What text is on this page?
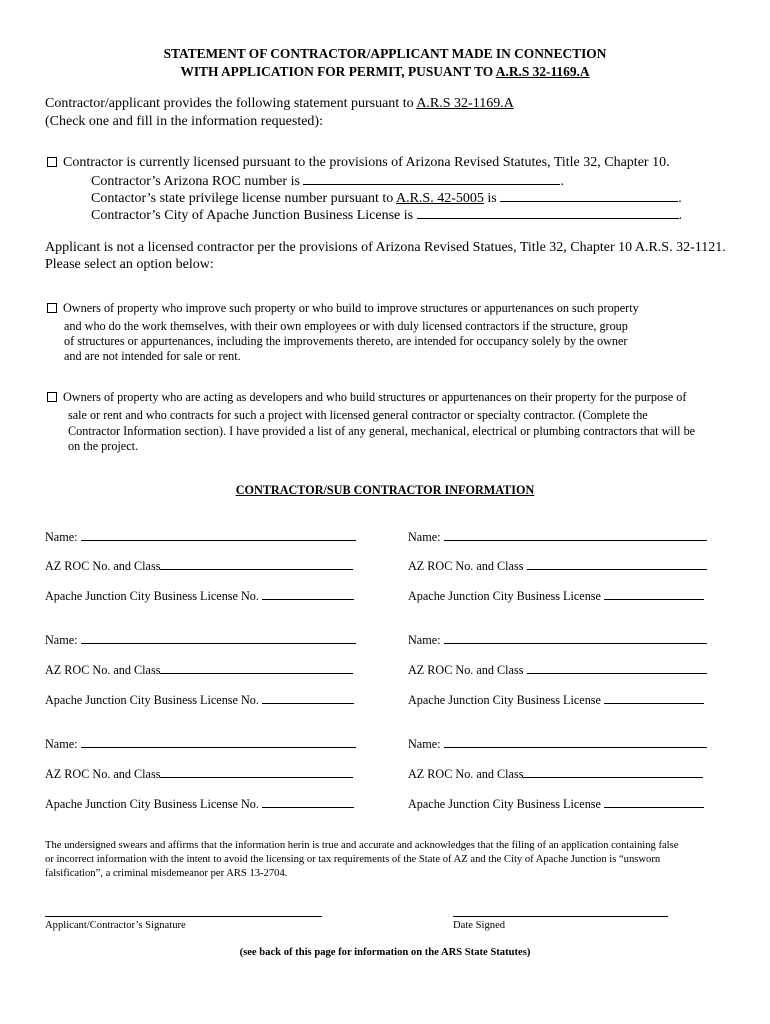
STATEMENT OF CONTRACTOR/APPLICANT MADE IN CONNECTION
WITH APPLICATION FOR PERMIT, PUSUANT TO A.R.S 32-1169.A
Contractor/applicant provides the following statement pursuant to A.R.S 32-1169.A
(Check one and fill in the information requested):
Contractor is currently licensed pursuant to the provisions of Arizona Revised Statutes, Title 32, Chapter 10.
Contractor’s Arizona ROC number is	.
Contactor’s state privilege license number pursuant to A.R.S. 42-5005 is	.
Contractor’s City of Apache Junction Business License is	.
Applicant is not a licensed contractor per the provisions of Arizona Revised Statues, Title 32, Chapter 10 A.R.S. 32-1121.
Please select an option below:
Owners of property who improve such property or who build to improve structures or appurtenances on such property
and who do the work themselves, with their own employees or with duly licensed contractors if the structure, group
of structures or appurtenances, including the improvements thereto, are intended for occupancy solely by the owner
and are not intended for sale or rent.
Owners of property who are acting as developers and who build structures or appurtenances on their property for the purpose of
sale or rent and who contracts for such a project with licensed general contractor or specialty contractor. (Complete the
Contractor Information section). I have provided a list of any general, mechanical, electrical or plumbing contractors that will be
on the project.
CONTRACTOR/SUB CONTRACTOR INFORMATION
Name:
AZ ROC No. and Class
Apache Junction City Business License No.
Name:
AZ ROC No. and Class
Apache Junction City Business License No.
Name:
AZ ROC No. and Class
Apache Junction City Business License No.
Name:
AZ ROC No. and Class
Apache Junction City Business License
Name:
AZ ROC No. and Class
Apache Junction City Business License
Name:
AZ ROC No. and Class
Apache Junction City Business License
The undersigned swears and affirms that the information herin is true and accurate and acknowledges that the filing of an application containing false
or incorrect information with the intent to avoid the licensing or tax requirements of the State of AZ and the City of Apache Junction is “unsworn
falsification”, a criminal misdemeanor per ARS 13-2704.
Applicant/Contractor’s Signature	Date Signed
(see back of this page for information on the ARS State Statutes)
